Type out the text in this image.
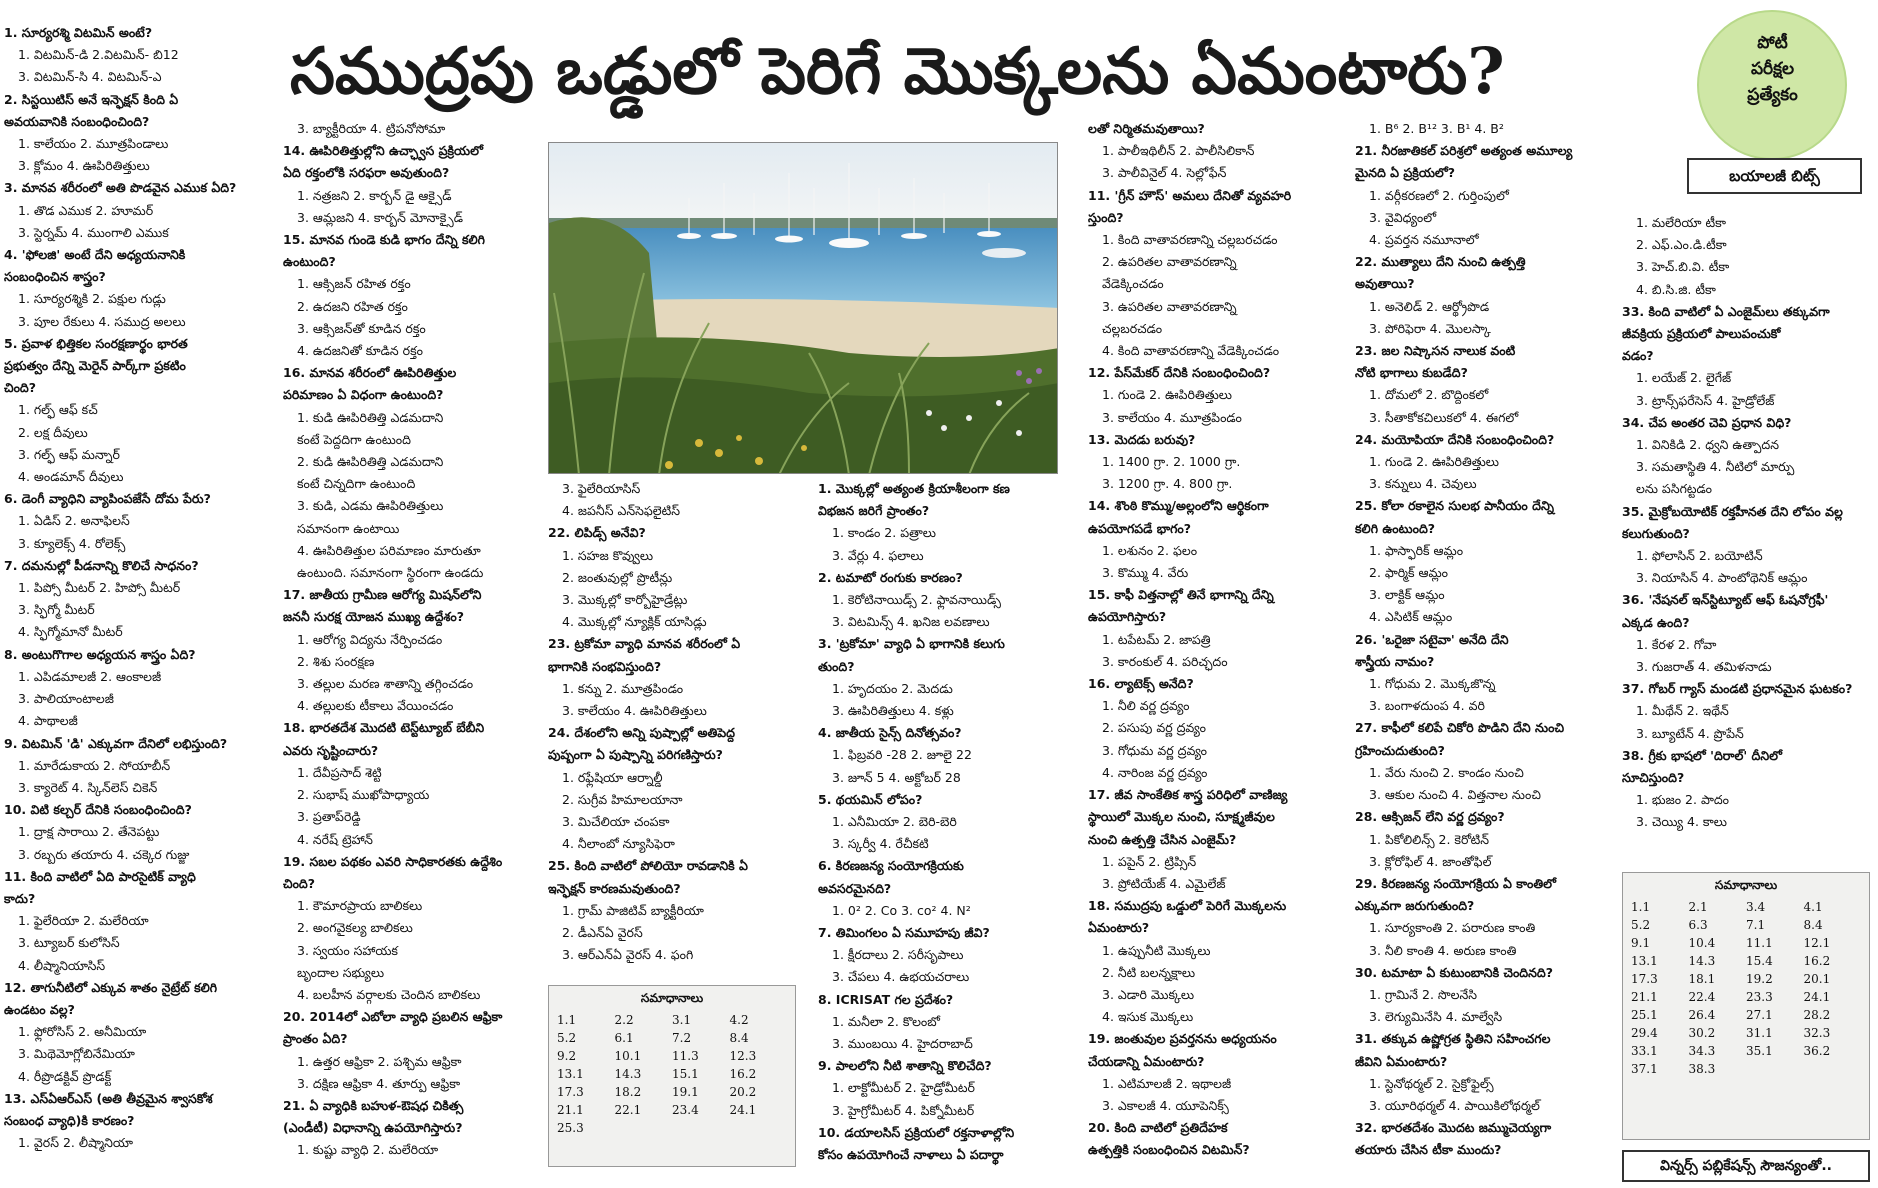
సముద్రపు ఒడ్డులో పెరిగే మొక్కలను ఏమంటారు?	పోటీ
పరీక్షల
ప్రత్యేకం
బయాలజీ బిట్స్
1. సూర్యరశ్మి విటమిన్ అంటే?
1. విటమిన్-డి 2.విటమిన్- బి12
3. విటమిన్-సి 4. విటమిన్-ఎ
2. సిస్టయిటిస్ అనే ఇన్ఫెక్షన్ కింది ఏ
అవయవానికి సంబంధించింది?
1. కాలేయం 2. మూత్రపిండాలు
3. క్లోమం 4. ఊపిరితిత్తులు
3. మానవ శరీరంలో అతి పొడవైన ఎముక ఏది?
1. తొడ ఎముక 2. హూమర్
3. స్టెర్నమ్ 4. ముంగాలి ఎముక
4. 'ఫోలజి' అంటే దేని అధ్యయనానికి
సంబంధించిన శాస్త్రం?
1. సూర్యరశ్మికి 2. పక్షుల గుడ్లు
3. పూల రేకులు 4. సముద్ర అలలు
5. ప్రవాళ భిత్తికల సంరక్షణార్థం భారత
ప్రభుత్వం దేన్ని మెరైన్ పార్క్‌గా ప్రకటిం
చింది?
1. గల్ఫ్ ఆఫ్ కచ్
2. లక్ష దీవులు
3. గల్ఫ్ ఆఫ్ మన్నార్
4. అండమాన్ దీవులు
6. డెంగీ వ్యాధిని వ్యాపింపజేసే దోమ పేరు?
1. ఏడిస్ 2. అనాఫిలస్
3. క్యూలెక్స్ 4. రోలెక్స్
7. దమనుల్లో పీడనాన్ని కొలిచే సాధనం?
1. పిప్సో మీటర్ 2. హిప్సో మీటర్
3. స్ఫిగ్మో మీటర్
4. స్ఫిగ్మోమానో మీటర్
8. అంటుగొగాల అధ్యయన శాస్త్రం ఏది?
1. ఎపిడమాలజీ 2. ఆంకాలజీ
3. పాలియాంటాలజీ
4. పాథాలజీ
9. విటమిన్ 'డి' ఎక్కువగా దేనిలో లభిస్తుంది?
1. మారేడుకాయ 2. సోయాబీన్
3. క్యారెట్ 4. స్కిన్‌లెస్ చికెన్
10. విటి కల్చర్ దేనికి సంబంధించింది?
1. ద్రాక్ష సారాయి 2. తేనెపట్టు
3. రబ్బరు తయారు 4. చక్కెర గుజ్జు
11. కింది వాటిలో ఏది పారసైటిక్ వ్యాధి
కాదు?
1. ఫైలేరియా 2. మలేరియా
3. ట్యూబర్ కులోసిస్
4. లీష్మానియాసిస్
12. తాగునీటిలో ఎక్కువ శాతం నైట్రేట్ కలిగి
ఉండటం వల్ల?
1. ఫ్లోరోసిస్ 2. అనీమియా
3. మిథెమోగ్లోబినేమియా
4. రీప్రొడక్టివ్ ప్రొడక్ట్
13. ఎస్ఏఆర్ఎస్ (అతి తీవ్రమైన శ్వాసకోశ
సంబంధ వ్యాధి)కి కారణం?
1. వైరస్ 2. లీష్మానియా
3. బ్యాక్టీరియా 4. ట్రిపనోసోమా
14. ఊపిరితిత్తుల్లోని ఉచ్ఛ్వాస ప్రక్రియలో
ఏది రక్తంలోకి సరఫరా అవుతుంది?
1. నత్రజని 2. కార్బన్ డై ఆక్సైడ్
3. ఆమ్లజని 4. కార్బన్ మోనాక్సైడ్
15. మానవ గుండె కుడి భాగం దేన్ని కలిగి
ఉంటుంది?
1. ఆక్సిజన్ రహిత రక్తం
2. ఉదజని రహిత రక్తం
3. ఆక్సిజన్‌తో కూడిన రక్తం
4. ఉదజనితో కూడిన రక్తం
16. మానవ శరీరంలో ఊపిరితిత్తుల
పరిమాణం ఏ విధంగా ఉంటుంది?
1. కుడి ఊపిరితిత్తి ఎడమదాని
కంటే పెద్దదిగా ఉంటుంది
2. కుడి ఊపిరితిత్తి ఎడమదాని
కంటే చిన్నదిగా ఉంటుంది
3. కుడి, ఎడమ ఊపిరితిత్తులు
సమానంగా ఉంటాయి
4. ఊపిరితిత్తుల పరిమాణం మారుతూ
ఉంటుంది. సమానంగా స్థిరంగా ఉండదు
17. జాతీయ గ్రామీణ ఆరోగ్య మిషన్‌లోని
జననీ సురక్ష యోజన ముఖ్య ఉద్దేశం?
1. ఆరోగ్య విద్యను నేర్పించడం
2. శిశు సంరక్షణ
3. తల్లుల మరణ శాతాన్ని తగ్గించడం
4. తల్లులకు టీకాలు వేయించడం
18. భారతదేశ మొదటి టెస్ట్‌ట్యూబ్ బేబీని
ఎవరు సృష్టించారు?
1. దేవీప్రసాద్ శెట్టి
2. సుభాష్ ముఖోపాధ్యాయ
3. ప్రతాప్‌రెడ్డి
4. నరేష్ ట్రెహాన్
19. సబల పథకం ఎవరి సాధికారతకు ఉద్దేశిం
చింది?
1. కౌమారప్రాయ బాలికలు
2. అంగవైకల్య బాలికలు
3. స్వయం సహాయక
బృందాల సభ్యులు
4. బలహీన వర్గాలకు చెందిన బాలికలు
20. 2014లో ఎబోలా వ్యాధి ప్రబలిన ఆఫ్రికా
ప్రాంతం ఏది?
1. ఉత్తర ఆఫ్రికా 2. పశ్చిమ ఆఫ్రికా
3. దక్షిణ ఆఫ్రికా 4. తూర్పు ఆఫ్రికా
21. ఏ వ్యాధికి బహుళ-ఔషధ చికిత్స
(ఎండీటీ) విధానాన్ని ఉపయోగిస్తారు?
1. కుష్టు వ్యాధి 2. మలేరియా
3. ఫైలేరియాసిస్
4. జపనీస్ ఎన్‌సెఫలైటిస్
22. లిపిడ్స్ అనేవి?
1. సహజ కొవ్వులు
2. జంతువుల్లో ప్రొటీన్లు
3. మొక్కల్లో కార్బోహైడ్రేట్లు
4. మొక్కల్లో న్యూక్లిక్ యాసిడ్లు
23. ట్రకోమా వ్యాధి మానవ శరీరంలో ఏ
భాగానికి సంభవిస్తుంది?
1. కన్ను 2. మూత్రపిండం
3. కాలేయం 4. ఊపిరితిత్తులు
24. దేశంలోని అన్ని పుష్పాల్లో అతిపెద్ద
పుష్పంగా ఏ పుష్పాన్ని పరిగణిస్తారు?
1. రఫ్లేషియా ఆర్నాల్డీ
2. సుగ్రీవ హిమాలయానా
3. మిచేలియా చంపకా
4. నీలాంబో న్యూసిఫెరా
25. కింది వాటిలో పోలియో రావడానికి ఏ
ఇన్ఫెక్షన్ కారణమవుతుంది?
1. గ్రామ్ పాజిటివ్ బ్యాక్టీరియా
2. డీఎన్ఏ వైరస్
3. ఆర్ఎన్ఏ వైరస్ 4. ఫంగి
1. మొక్కల్లో అత్యంత క్రియాశీలంగా కణ
విభజన జరిగే ప్రాంతం?
1. కాండం 2. పత్రాలు
3. వేర్లు 4. ఫలాలు
2. టమాటో రంగుకు కారణం?
1. కెరోటినాయిడ్స్ 2. ఫ్లావనాయిడ్స్
3. విటమిన్స్ 4. ఖనిజ లవణాలు
3. 'ట్రకోమా' వ్యాధి ఏ భాగానికి కలుగు
తుంది?
1. హృదయం 2. మెదడు
3. ఊపిరితిత్తులు 4. కళ్లు
4. జాతీయ సైన్స్ దినోత్సవం?
1. ఫిబ్రవరి -28 2. జూలై 22
3. జూన్ 5 4. అక్టోబర్ 28
5. థయమిన్ లోపం?
1. ఎనీమియా 2. బెరి-బెరి
3. స్కర్వీ 4. రేచీకటి
6. కిరణజన్య సంయోగక్రియకు
అవసరమైనది?
1. 0² 2. Co 3. co² 4. N²
7. తిమింగలం ఏ సమూహపు జీవి?
1. క్షీరదాలు 2. సరీసృపాలు
3. చేపలు 4. ఉభయచరాలు
8. ICRISAT గల ప్రదేశం?
1. మనీలా 2. కొలంబో
3. ముంబయి 4. హైదరాబాద్
9. పాలలోని నీటి శాతాన్ని కొలిచేది?
1. లాక్టోమీటర్ 2. హైడ్రోమీటర్
3. హైగ్రోమీటర్ 4. పిక్నోమీటర్
10. డయాలసిస్ ప్రక్రియలో రక్తనాళాల్లోని
కోసం ఉపయోగించే నాళాలు ఏ పదార్థా
లతో నిర్మితమవుతాయి?
1. పాలీఇథిలీన్ 2. పాలీసిలికాన్
3. పాలీవినైల్ 4. సెల్లోఫేన్
11. 'గ్రీన్ హౌస్' అమలు దేనితో వ్యవహరి
స్తుంది?
1. కింది వాతావరణాన్ని చల్లబరచడం
2. ఉపరితల వాతావరణాన్ని
వేడెక్కించడం
3. ఉపరితల వాతావరణాన్ని
చల్లబరచడం
4. కింది వాతావరణాన్ని వేడెక్కించడం
12. పేస్‌మేకర్ దేనికి సంబంధించింది?
1. గుండె 2. ఊపిరితిత్తులు
3. కాలేయం 4. మూత్రపిండం
13. మెదడు బరువు?
1. 1400 గ్రా. 2. 1000 గ్రా.
3. 1200 గ్రా. 4. 800 గ్రా.
14. శొంఠి కొమ్ము/అల్లంలోని ఆర్థికంగా
ఉపయోగపడే భాగం?
1. లశునం 2. ఫలం
3. కొమ్ము 4. వేరు
15. కాఫీ విత్తనాల్లో తినే భాగాన్ని దేన్ని
ఉపయోగిస్తారు?
1. టపేటమ్ 2. జాపత్రి
3. కారంకుల్ 4. పరిచ్ఛదం
16. ల్యాటెక్స్ అనేది?
1. నీలి వర్ణ ద్రవ్యం
2. పసుపు వర్ణ ద్రవ్యం
3. గోధుమ వర్ణ ద్రవ్యం
4. నారింజ వర్ణ ద్రవ్యం
17. జీవ సాంకేతిక శాస్త్ర పరిధిలో వాణిజ్య
స్థాయిలో మొక్కల నుంచి, సూక్ష్మజీవుల
నుంచి ఉత్పత్తి చేసిన ఎంజైమ్?
1. పపైన్ 2. ట్రిప్సిన్
3. ప్రోటియేజ్ 4. ఎమైలేజ్
18. సముద్రపు ఒడ్డులో పెరిగే మొక్కలను
ఏమంటారు?
1. ఉప్పునీటి మొక్కలు
2. నీటి బలన్నక్షాలు
3. ఎడారి మొక్కలు
4. ఇసుక మొక్కలు
19. జంతువుల ప్రవర్తనను అధ్యయనం
చేయడాన్ని ఏమంటారు?
1. ఎటిమాలజీ 2. ఇథాలజీ
3. ఎకాలజీ 4. యూపెనిక్స్
20. కింది వాటిలో ప్రతిదేహక
ఉత్పత్తికి సంబంధించిన విటమిన్?
1. B⁶ 2. B¹² 3. B¹ 4. B²
21. నీరజాతికల్ పరిశ్రలో అత్యంత అమూల్య
మైనది ఏ ప్రక్రియలో?
1. వర్గీకరణలో 2. గుర్తింపులో
3. వైవిధ్యంలో
4. ప్రవర్తన నమూనాలో
22. ముత్యాలు దేని నుంచి ఉత్పత్తి
అవుతాయి?
1. అనెలిడ్ 2. ఆర్థ్రోపొడ
3. పోరిఫెరా 4. మొలస్కా
23. జల నిష్కాసన నాలుక వంటి
నోటి భాగాలు కుబడేది?
1. దోమలో 2. బొద్దింకలో
3. సీతాకోకచిలుకలో 4. ఈగలో
24. మయోపియా దేనికి సంబంధించింది?
1. గుండె 2. ఊపిరితిత్తులు
3. కన్నులు 4. చెవులు
25. కోలా రకాలైన సులభ పానీయం దేన్ని
కలిగి ఉంటుంది?
1. ఫాస్ఫారిక్ ఆమ్లం
2. ఫార్మిక్ ఆమ్లం
3. లాక్టిక్ ఆమ్లం
4. ఎసిటిక్ ఆమ్లం
26. 'ఒరైజా సటైవా' అనేది దేని
శాస్త్రీయ నామం?
1. గోధుమ 2. మొక్కజొన్న
3. బంగాళదుంప 4. వరి
27. కాఫీలో కలిపే చికోరి పొడిని దేని నుంచి
గ్రహించుదుతుంది?
1. వేరు నుంచి 2. కాండం నుంచి
3. ఆకుల నుంచి 4. విత్తనాల నుంచి
28. ఆక్సిజన్ లేని వర్ణ ద్రవ్యం?
1. పికోలిలిన్స్ 2. కెరోటిన్
3. క్లోరోఫిల్ 4. జాంతోఫిల్
29. కిరణజన్య సంయోగక్రియ ఏ కాంతిలో
ఎక్కువగా జరుగుతుంది?
1. సూర్యకాంతి 2. పరారుణ కాంతి
3. నీలి కాంతి 4. అరుణ కాంతి
30. టమాటా ఏ కుటుంబానికి చెందినది?
1. గ్రామినే 2. సొలనేసి
3. లెగ్యుమినేసి 4. మాల్వేసి
31. తక్కువ ఉష్ణోగ్రత స్థితిని సహించగల
జీవిని ఏమంటారు?
1. స్టెనోథర్మల్ 2. సైక్రోఫైల్స్
3. యూరిథర్మల్ 4. పాయికిలోథర్మల్
32. భారతదేశం మొదట జమ్ముచెయ్యగా
తయారు చేసిన టీకా ముందు?
1. మలేరియా టీకా
2. ఎఫ్.ఎం.డి.టీకా
3. హెచ్.బి.వి. టీకా
4. బి.సి.జి. టీకా
33. కింది వాటిలో ఏ ఎంజైమ్‌లు తక్కువగా
జీవక్రియ ప్రక్రియలో పాలుపంచుకో
వడం?
1. లయేజ్ 2. లైగేజ్
3. ట్రాన్స్‌ఫరేసెస్ 4. హైడ్రోలేజ్
34. చేప అంతర చెవి ప్రధాన విధి?
1. వినికిడి 2. ధ్వని ఉత్పాదన
3. సమతాస్థితి 4. నీటిలో మార్పు
లను పసిగట్టడం
35. మైక్రోబయోటిక్ రక్తహీనత దేని లోపం వల్ల
కలుగుతుంది?
1. ఫోలాసిన్ 2. బయోటిన్
3. నియాసిన్ 4. పాంటోథెనిక్ ఆమ్లం
36. 'నేషనల్ ఇన్‌స్టిట్యూట్ ఆఫ్ ఓషనోగ్రఫీ'
ఎక్కడ ఉంది?
1. కేరళ 2. గోవా
3. గుజరాత్ 4. తమిళనాడు
37. గోబర్ గ్యాస్ మండటి ప్రధానమైన ఘటకం?
1. మీథేన్ 2. ఇథేన్
3. బ్యూటేన్ 4. ప్రొపేన్
38. గ్రీకు భాషలో 'దిరాల్' దీనిలో
సూచిస్తుంది?
1. భుజం 2. పాదం
3. చెయ్యి 4. కాలు
సమాధానాలు
1.1	2.2	3.1	4.2
5.2	6.1	7.2	8.4
9.2	10.1	11.3	12.3
13.1	14.3	15.1	16.2
17.3	18.2	19.1	20.2
21.1	22.1	23.4	24.1
25.3
సమాధానాలు
1.1	2.1	3.4	4.1
5.2	6.3	7.1	8.4
9.1	10.4	11.1	12.1
13.1	14.3	15.4	16.2
17.3	18.1	19.2	20.1
21.1	22.4	23.3	24.1
25.1	26.4	27.1	28.2
29.4	30.2	31.1	32.3
33.1	34.3	35.1	36.2
37.1	38.3
విన్నర్స్ పబ్లికేషన్స్ సౌజన్యంతో..
